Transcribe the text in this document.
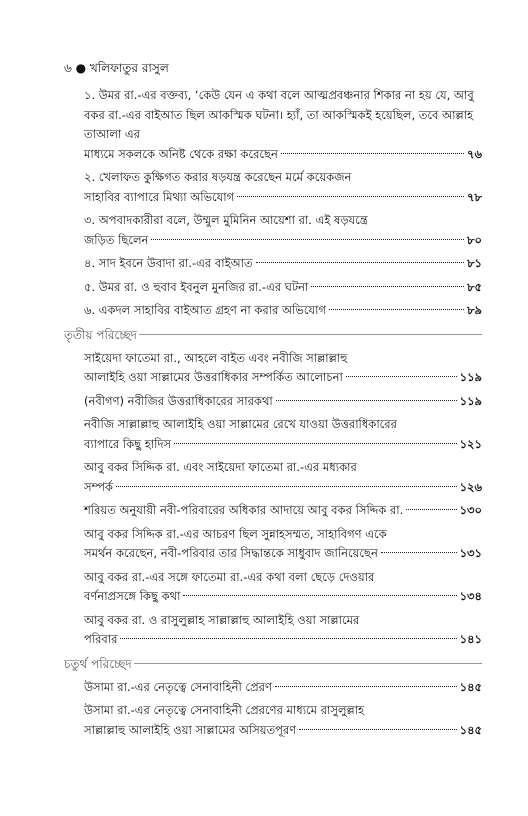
৬ ● খলিফাতুর রাসুল
১. উমর রা.-এর বক্তব্য, ‘কেউ যেন এ কথা বলে আত্মপ্রবঞ্চনার শিকার না হয় যে, আবু বকর রা.-এর বাইআত ছিল আকস্মিক ঘটনা। হ্যাঁ, তা আকস্মিকই হয়েছিল, তবে আল্লাহ তাআলা এর
মাধ্যমে সকলকে অনিষ্ট থেকে রক্ষা করেছেন	৭৬
২. খেলাফত কুক্ষিগত করার ষড়যন্ত্র করেছেন মর্মে কয়েকজন
সাহাবির ব্যাপারে মিথ্যা অভিযোগ	৭৮
৩. অপবাদকারীরা বলে, উম্মুল মুমিনিন আয়েশা রা. এই ষড়যন্ত্রে
জড়িত ছিলেন	৮০
৪. সাদ ইবনে উবাদা রা.-এর বাইআত	৮১
৫. উমর রা. ও হুবাব ইবনুল মুনজির রা.-এর ঘটনা	৮৫
৬. একদল সাহাবির বাইআত গ্রহণ না করার অভিযোগ	৮৯
তৃতীয় পরিচ্ছেদ
সাইয়েদা ফাতেমা রা., আহলে বাইত এবং নবীজি সাল্লাল্লাহু
আলাইহি ওয়া সাল্লামের উত্তরাধিকার সম্পর্কিত আলোচনা	১১৯
(নবীগণ) নবীজির উত্তরাধিকারের সারকথা	১১৯
নবীজি সাল্লাল্লাহু আলাইহি ওয়া সাল্লামের রেখে যাওয়া উত্তরাধিকারের
ব্যাপারে কিছু হাদিস	১২১
আবু বকর সিদ্দিক রা. এবং সাইয়েদা ফাতেমা রা.-এর মধ্যকার
সম্পর্ক	১২৬
শরিয়ত অনুযায়ী নবী-পরিবারের অধিকার আদায়ে আবু বকর সিদ্দিক রা.	১৩০
আবু বকর সিদ্দিক রা.-এর আচরণ ছিল সুন্নাহসম্মত, সাহাবিগণ একে
সমর্থন করেছেন, নবী-পরিবার তার সিদ্ধান্তকে সাধুবাদ জানিয়েছেন	১৩১
আবু বকর রা.-এর সঙ্গে ফাতেমা রা.-এর কথা বলা ছেড়ে দেওয়ার
বর্ণনাপ্রসঙ্গে কিছু কথা	১৩৪
আবু বকর রা. ও রাসুলুল্লাহ সাল্লাল্লাহু আলাইহি ওয়া সাল্লামের
পরিবার	১৪১
চতুর্থ পরিচ্ছেদ
উসামা রা.-এর নেতৃত্বে সেনাবাহিনী প্রেরণ	১৪৫
উসামা রা.-এর নেতৃত্বে সেনাবাহিনী প্রেরণের মাধ্যমে রাসুলুল্লাহ
সাল্লাল্লাহু আলাইহি ওয়া সাল্লামের অসিয়তপূরণ	১৪৫
